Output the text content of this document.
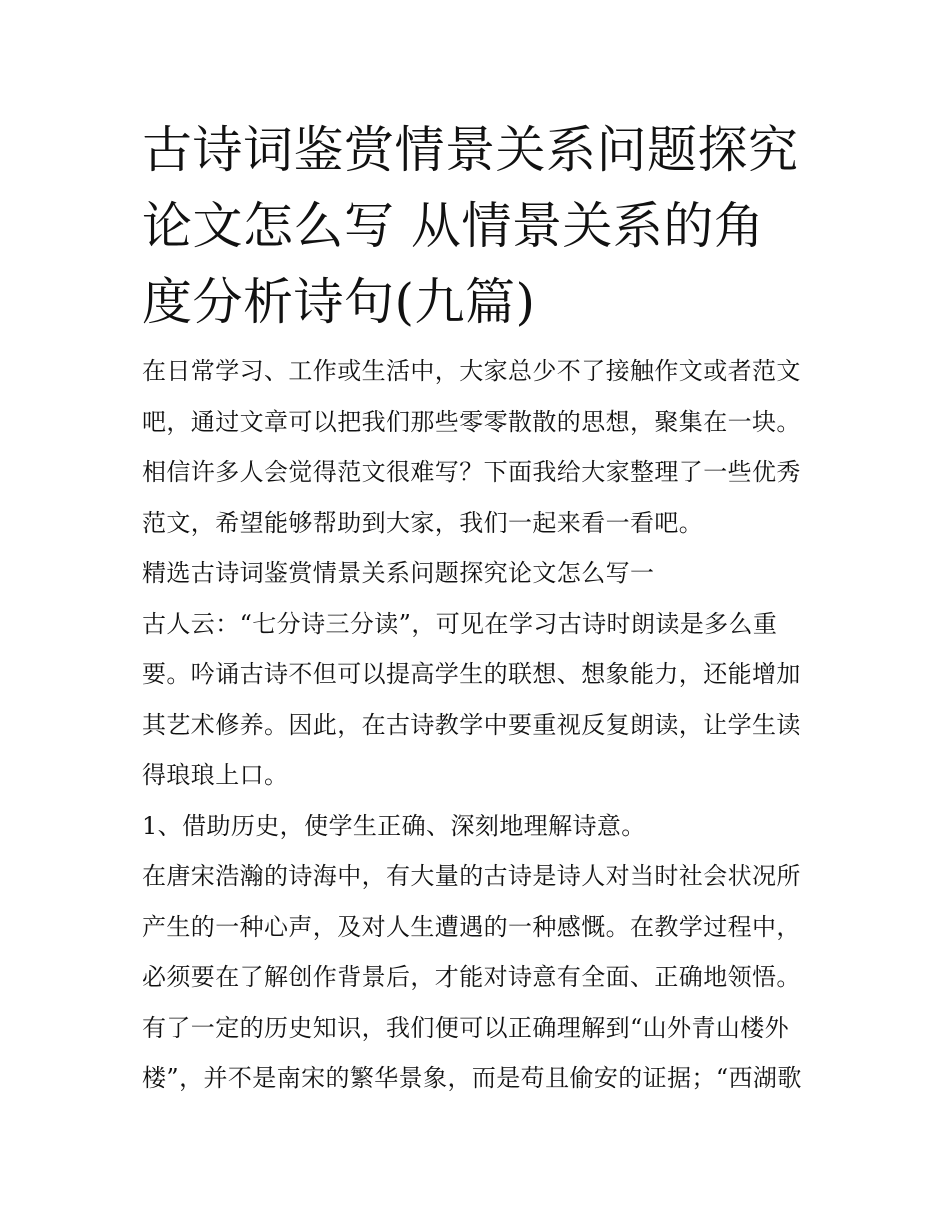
古诗词鉴赏情景关系问题探究论文怎么写 从情景关系的角度分析诗句(九篇)

在日常学习、工作或生活中，大家总少不了接触作文或者范文吧，通过文章可以把我们那些零零散散的思想，聚集在一块。相信许多人会觉得范文很难写？下面我给大家整理了一些优秀范文，希望能够帮助到大家，我们一起来看一看吧。

精选古诗词鉴赏情景关系问题探究论文怎么写一

古人云：“七分诗三分读”，可见在学习古诗时朗读是多么重要。吟诵古诗不但可以提高学生的联想、想象能力，还能增加其艺术修养。因此，在古诗教学中要重视反复朗读，让学生读得琅琅上口。

1、借助历史，使学生正确、深刻地理解诗意。

在唐宋浩瀚的诗海中，有大量的古诗是诗人对当时社会状况所产生的一种心声，及对人生遭遇的一种感慨。在教学过程中，必须要在了解创作背景后，才能对诗意有全面、正确地领悟。有了一定的历史知识，我们便可以正确理解到“山外青山楼外楼”，并不是南宋的繁华景象，而是苟且偷安的证据；“西湖歌
